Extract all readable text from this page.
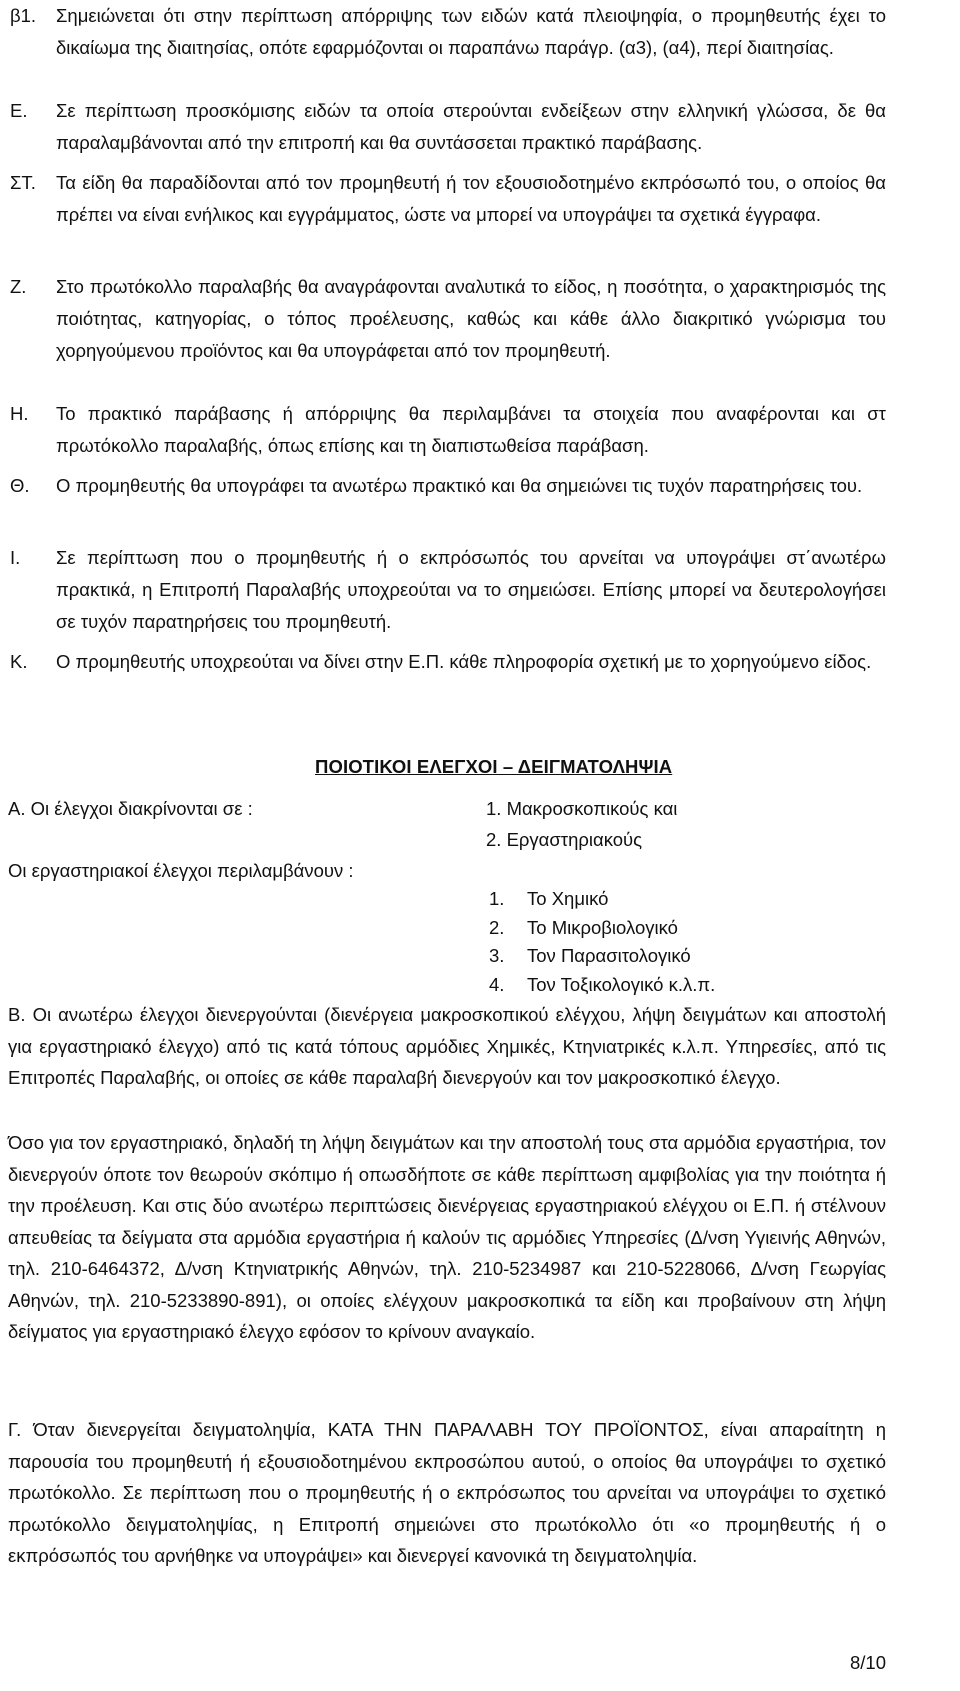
β1. Σημειώνεται ότι στην περίπτωση απόρριψης των ειδών κατά πλειοψηφία, ο προμηθευτής έχει το δικαίωμα της διαιτησίας, οπότε εφαρμόζονται οι παραπάνω παράγρ. (α3), (α4), περί διαιτησίας.
Ε. Σε περίπτωση προσκόμισης ειδών τα οποία στερούνται ενδείξεων στην ελληνική γλώσσα, δε θα παραλαμβάνονται από την επιτροπή και θα συντάσσεται πρακτικό παράβασης.
ΣΤ. Τα είδη θα παραδίδονται από τον προμηθευτή ή τον εξουσιοδοτημένο εκπρόσωπό του, ο οποίος θα πρέπει να είναι ενήλικος και εγγράμματος, ώστε να μπορεί να υπογράψει τα σχετικά έγγραφα.
Ζ. Στο πρωτόκολλο παραλαβής θα αναγράφονται αναλυτικά το είδος, η ποσότητα, ο χαρακτηρισμός της ποιότητας, κατηγορίας, ο τόπος προέλευσης, καθώς και κάθε άλλο διακριτικό γνώρισμα του χορηγούμενου προϊόντος και θα υπογράφεται από τον προμηθευτή.
Η. Το πρακτικό παράβασης ή απόρριψης θα περιλαμβάνει τα στοιχεία που αναφέρονται και στ πρωτόκολλο παραλαβής, όπως επίσης και τη διαπιστωθείσα παράβαση.
Θ. Ο προμηθευτής θα υπογράφει τα ανωτέρω πρακτικό και θα σημειώνει τις τυχόν παρατηρήσεις του.
Ι. Σε περίπτωση που ο προμηθευτής ή ο εκπρόσωπός του αρνείται να υπογράψει στ΄ανωτέρω πρακτικά, η Επιτροπή Παραλαβής υποχρεούται να το σημειώσει. Επίσης μπορεί να δευτερολογήσει σε τυχόν παρατηρήσεις του προμηθευτή.
Κ. Ο προμηθευτής υποχρεούται να δίνει στην Ε.Π. κάθε πληροφορία σχετική με το χορηγούμενο είδος.
ΠΟΙΟΤΙΚΟΙ ΕΛΕΓΧΟΙ – ΔΕΙΓΜΑΤΟΛΗΨΙΑ
Α. Οι έλεγχοι διακρίνονται σε :	1. Μακροσκοπικούς και
2. Εργαστηριακούς
Οι εργαστηριακοί έλεγχοι περιλαμβάνουν :
1. Το Χημικό
2. Το Μικροβιολογικό
3. Τον Παρασιτολογικό
4. Τον Τοξικολογικό κ.λ.π.

Β. Οι ανωτέρω έλεγχοι διενεργούνται (διενέργεια μακροσκοπικού ελέγχου, λήψη δειγμάτων και αποστολή για εργαστηριακό έλεγχο) από τις κατά τόπους αρμόδιες Χημικές, Κτηνιατρικές κ.λ.π. Υπηρεσίες, από τις Επιτροπές Παραλαβής, οι οποίες σε κάθε παραλαβή διενεργούν και τον μακροσκοπικό έλεγχο.

Όσο για τον εργαστηριακό, δηλαδή τη λήψη δειγμάτων και την αποστολή τους στα αρμόδια εργαστήρια, τον διενεργούν όποτε τον θεωρούν σκόπιμο ή οπωσδήποτε σε κάθε περίπτωση αμφιβολίας για την ποιότητα ή την προέλευση. Και στις δύο ανωτέρω περιπτώσεις διενέργειας εργαστηριακού ελέγχου οι Ε.Π. ή στέλνουν απευθείας τα δείγματα στα αρμόδια εργαστήρια ή καλούν τις αρμόδιες Υπηρεσίες (Δ/νση Υγιεινής Αθηνών, τηλ. 210-6464372, Δ/νση Κτηνιατρικής Αθηνών, τηλ. 210-5234987 και 210-5228066, Δ/νση Γεωργίας Αθηνών, τηλ. 210-5233890-891), οι οποίες ελέγχουν μακροσκοπικά τα είδη και προβαίνουν στη λήψη δείγματος για εργαστηριακό έλεγχο εφόσον το κρίνουν αναγκαίο.

Γ. Όταν διενεργείται δειγματοληψία, ΚΑΤΑ ΤΗΝ ΠΑΡΑΛΑΒΗ ΤΟΥ ΠΡΟΪΟΝΤΟΣ, είναι απαραίτητη η παρουσία του προμηθευτή ή εξουσιοδοτημένου εκπροσώπου αυτού, ο οποίος θα υπογράψει το σχετικό πρωτόκολλο. Σε περίπτωση που ο προμηθευτής ή ο εκπρόσωπος του αρνείται να υπογράψει το σχετικό πρωτόκολλο δειγματοληψίας, η Επιτροπή σημειώνει στο πρωτόκολλο ότι «ο προμηθευτής ή ο εκπρόσωπός του αρνήθηκε να υπογράψει» και διενεργεί κανονικά τη δειγματοληψία.

8/10
